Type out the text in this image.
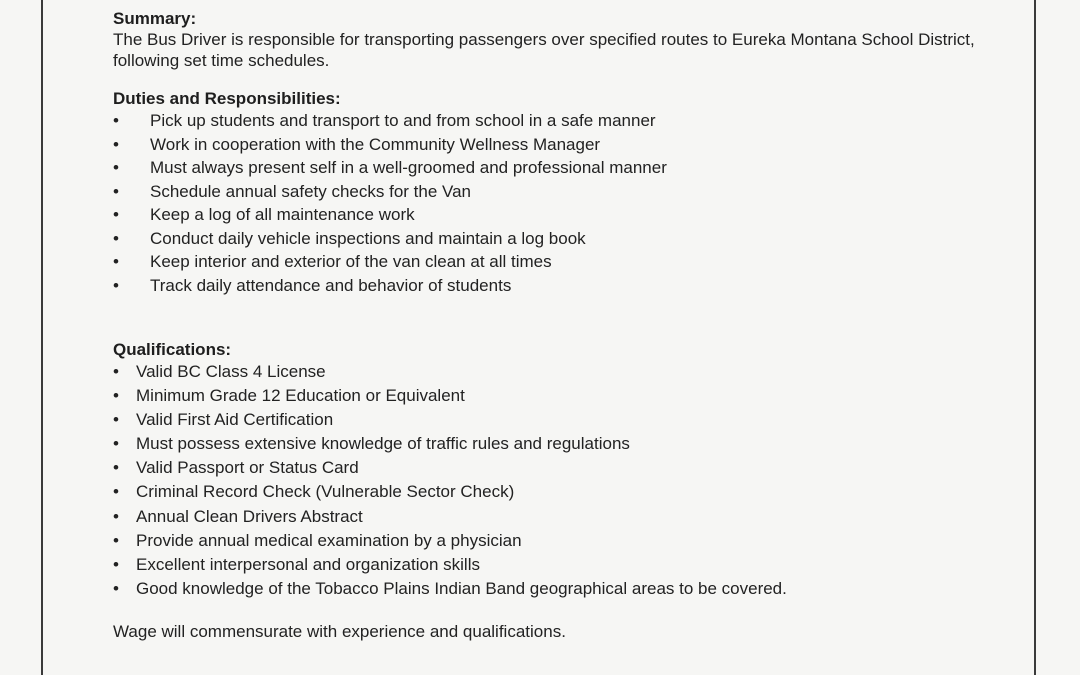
Summary:
The Bus Driver is responsible for transporting passengers over specified routes to Eureka Montana School District, following set time schedules.
Duties and Responsibilities:
• Pick up students and transport to and from school in a safe manner
• Work in cooperation with the Community Wellness Manager
• Must always present self in a well-groomed and professional manner
• Schedule annual safety checks for the Van
• Keep a log of all maintenance work
• Conduct daily vehicle inspections and maintain a log book
• Keep interior and exterior of the van clean at all times
• Track daily attendance and behavior of students
Qualifications:
• Valid BC Class 4 License
• Minimum Grade 12 Education or Equivalent
• Valid First Aid Certification
• Must possess extensive knowledge of traffic rules and regulations
• Valid Passport or Status Card
• Criminal Record Check (Vulnerable Sector Check)
• Annual Clean Drivers Abstract
• Provide annual medical examination by a physician
• Excellent interpersonal and organization skills
• Good knowledge of the Tobacco Plains Indian Band geographical areas to be covered.
Wage will commensurate with experience and qualifications.
